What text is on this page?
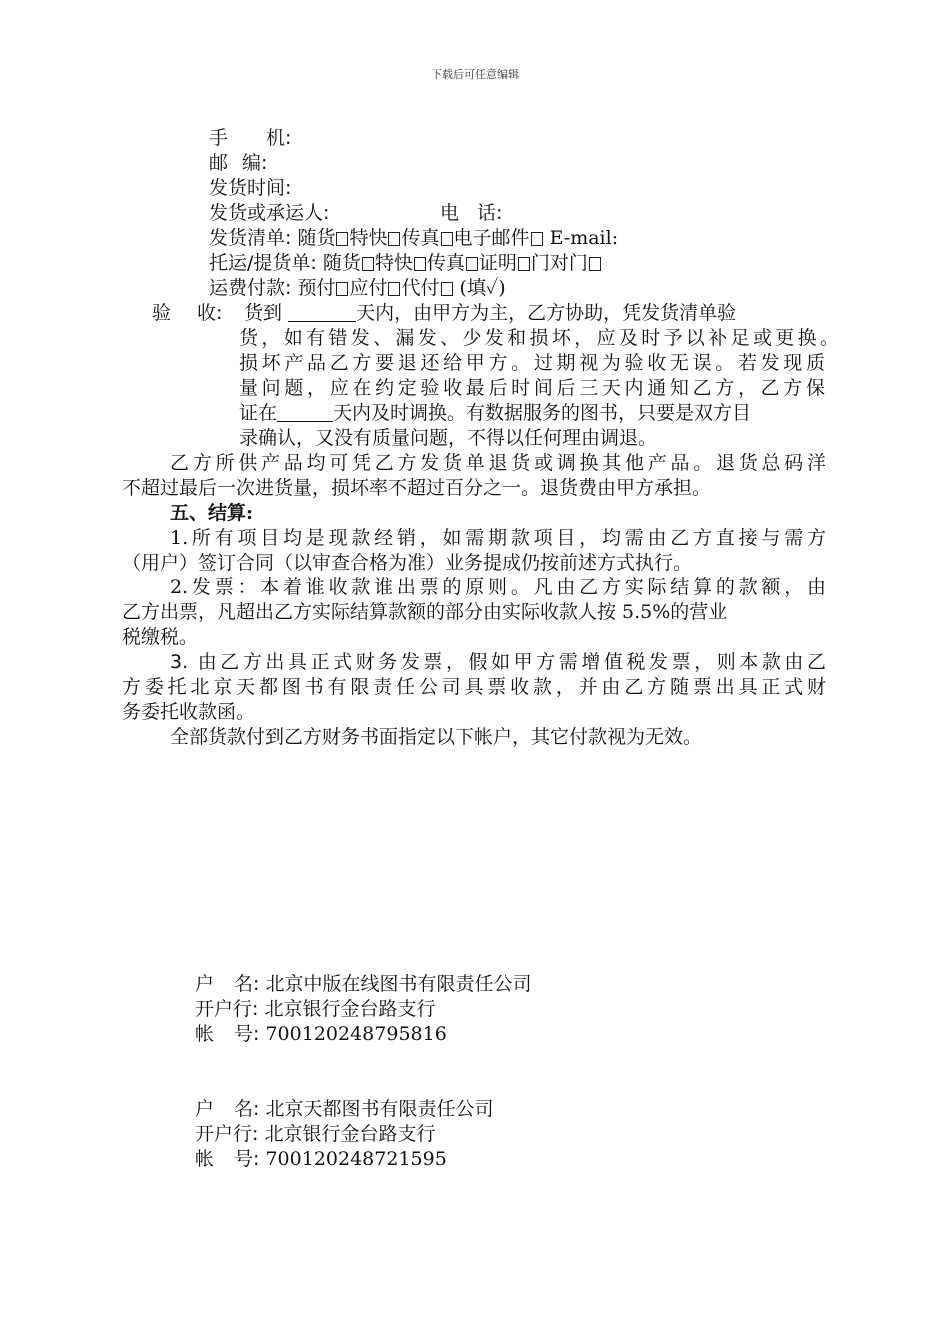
下载后可任意编辑
手 机:
邮 编:
发货时间:
发货或承运人:	电 话:
发货清单: 随货 特快 传真 电子邮件 E-mail:
托运/提货单: 随货 特快 传真 证明 门对门
运费付款: 预付 应付 代付 (填✓)
验 收: 货到	天内，由甲方为主，乙方协助，凭发货清单验
货，如有错发、漏发、少发和损坏，应及时予以补足或更换。
损坏产品乙方要退还给甲方。过期视为验收无误。若发现质
量问题，应在约定验收最后时间后三天内通知乙方，乙方保
证在	天内及时调换。有数据服务的图书，只要是双方目
录确认，又没有质量问题，不得以任何理由调退。
乙方所供产品均可凭乙方发货单退货或调换其他产品。退货总码洋
不超过最后一次进货量，损坏率不超过百分之一。退货费由甲方承担。
五、结算:
1.所有项目均是现款经销，如需期款项目，均需由乙方直接与需方
（用户）签订合同（以审查合格为准）业务提成仍按前述方式执行。
2.发票：本着谁收款谁出票的原则。凡由乙方实际结算的款额，由
乙方出票，凡超出乙方实际结算款额的部分由实际收款人按 5.5%的营业
税缴税。
3. 由乙方出具正式财务发票，假如甲方需增值税发票，则本款由乙
方委托北京天都图书有限责任公司具票收款，并由乙方随票出具正式财
务委托收款函。
全部货款付到乙方财务书面指定以下帐户，其它付款视为无效。
户 名: 北京中版在线图书有限责任公司
开户行: 北京银行金台路支行
帐 号: 700120248795816
户 名: 北京天都图书有限责任公司
开户行: 北京银行金台路支行
帐 号: 700120248721595
